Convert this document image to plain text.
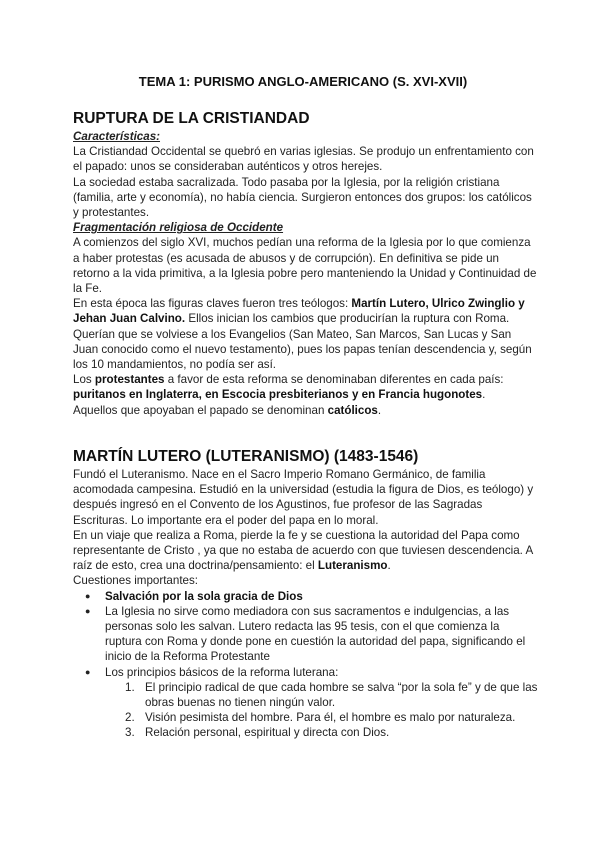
TEMA 1: PURISMO ANGLO-AMERICANO (S. XVI-XVII)
RUPTURA DE LA CRISTIANDAD

Características:

La Cristiandad Occidental se quebró en varias iglesias. Se produjo un enfrentamiento con el papado: unos se consideraban auténticos y otros herejes.

La sociedad estaba sacralizada. Todo pasaba por la Iglesia, por la religión cristiana (familia, arte y economía), no había ciencia. Surgieron entonces dos grupos: los católicos y protestantes.

Fragmentación religiosa de Occidente

A comienzos del siglo XVI, muchos pedían una reforma de la Iglesia por lo que comienza a haber protestas (es acusada de abusos y de corrupción). En definitiva se pide un retorno a la vida primitiva, a la Iglesia pobre pero manteniendo la Unidad y Continuidad de la Fe.

En esta época las figuras claves fueron tres teólogos: Martín Lutero, Ulrico Zwinglio y Jehan Juan Calvino. Ellos inician los cambios que producirían la ruptura con Roma. Querían que se volviese a los Evangelios (San Mateo, San Marcos, San Lucas y San Juan conocido como el nuevo testamento), pues los papas tenían descendencia y, según los 10 mandamientos, no podía ser así.

Los protestantes a favor de esta reforma se denominaban diferentes en cada país: puritanos en Inglaterra, en Escocia presbiterianos y en Francia hugonotes.

Aquellos que apoyaban el papado se denominan católicos.

MARTÍN LUTERO (LUTERANISMO) (1483-1546)

Fundó el Luteranismo. Nace en el Sacro Imperio Romano Germánico, de familia acomodada campesina. Estudió en la universidad (estudia la figura de Dios, es teólogo) y después ingresó en el Convento de los Agustinos, fue profesor de las Sagradas Escrituras. Lo importante era el poder del papa en lo moral.

En un viaje que realiza a Roma, pierde la fe y se cuestiona la autoridad del Papa como representante de Cristo , ya que no estaba de acuerdo con que tuviesen descendencia. A raíz de esto, crea una doctrina/pensamiento: el Luteranismo.

Cuestiones importantes:

● Salvación por la sola gracia de Dios
● La Iglesia no sirve como mediadora con sus sacramentos e indulgencias, a las personas solo les salvan. Lutero redacta las 95 tesis, con el que comienza la ruptura con Roma y donde pone en cuestión la autoridad del papa, significando el inicio de la Reforma Protestante
● Los principios básicos de la reforma luterana:
1. El principio radical de que cada hombre se salva “por la sola fe” y de que las obras buenas no tienen ningún valor.
2. Visión pesimista del hombre. Para él, el hombre es malo por naturaleza.
3. Relación personal, espiritual y directa con Dios.
